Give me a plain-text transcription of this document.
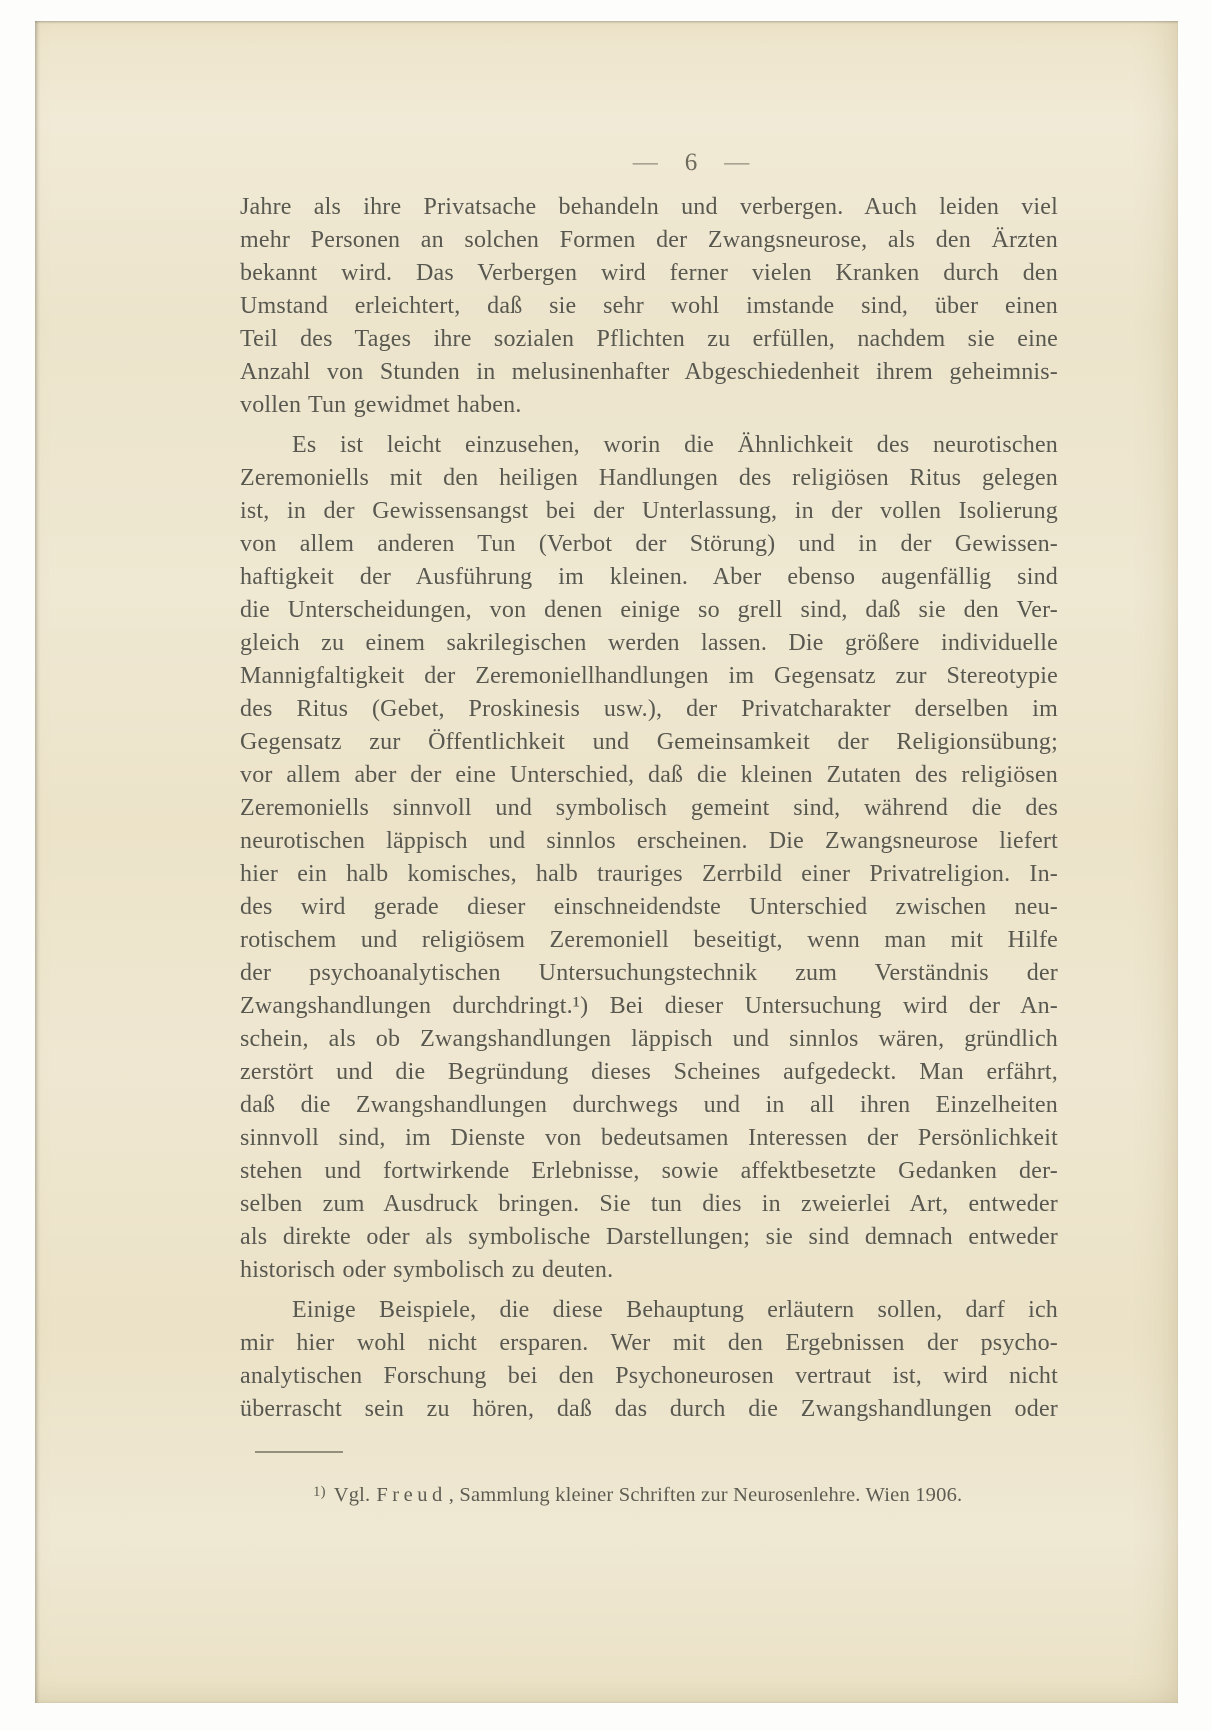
— 6 —
Jahre als ihre Privatsache behandeln und verbergen. Auch leiden viel
mehr Personen an solchen Formen der Zwangsneurose, als den Ärzten
bekannt wird. Das Verbergen wird ferner vielen Kranken durch den
Umstand erleichtert, daß sie sehr wohl imstande sind, über einen
Teil des Tages ihre sozialen Pflichten zu erfüllen, nachdem sie eine
Anzahl von Stunden in melusinenhafter Abgeschiedenheit ihrem geheimnis-
vollen Tun gewidmet haben.
Es ist leicht einzusehen, worin die Ähnlichkeit des neurotischen
Zeremoniells mit den heiligen Handlungen des religiösen Ritus gelegen
ist, in der Gewissensangst bei der Unterlassung, in der vollen Isolierung
von allem anderen Tun (Verbot der Störung) und in der Gewissen-
haftigkeit der Ausführung im kleinen. Aber ebenso augenfällig sind
die Unterscheidungen, von denen einige so grell sind, daß sie den Ver-
gleich zu einem sakrilegischen werden lassen. Die größere individuelle
Mannigfaltigkeit der Zeremoniellhandlungen im Gegensatz zur Stereotypie
des Ritus (Gebet, Proskinesis usw.), der Privatcharakter derselben im
Gegensatz zur Öffentlichkeit und Gemeinsamkeit der Religionsübung;
vor allem aber der eine Unterschied, daß die kleinen Zutaten des religiösen
Zeremoniells sinnvoll und symbolisch gemeint sind, während die des
neurotischen läppisch und sinnlos erscheinen. Die Zwangsneurose liefert
hier ein halb komisches, halb trauriges Zerrbild einer Privatreligion. In-
des wird gerade dieser einschneidendste Unterschied zwischen neu-
rotischem und religiösem Zeremoniell beseitigt, wenn man mit Hilfe
der psychoanalytischen Untersuchungstechnik zum Verständnis der
Zwangshandlungen durchdringt.¹) Bei dieser Untersuchung wird der An-
schein, als ob Zwangshandlungen läppisch und sinnlos wären, gründlich
zerstört und die Begründung dieses Scheines aufgedeckt. Man erfährt,
daß die Zwangshandlungen durchwegs und in all ihren Einzelheiten
sinnvoll sind, im Dienste von bedeutsamen Interessen der Persönlichkeit
stehen und fortwirkende Erlebnisse, sowie affektbesetzte Gedanken der-
selben zum Ausdruck bringen. Sie tun dies in zweierlei Art, entweder
als direkte oder als symbolische Darstellungen; sie sind demnach entweder
historisch oder symbolisch zu deuten.
Einige Beispiele, die diese Behauptung erläutern sollen, darf ich
mir hier wohl nicht ersparen. Wer mit den Ergebnissen der psycho-
analytischen Forschung bei den Psychoneurosen vertraut ist, wird nicht
überrascht sein zu hören, daß das durch die Zwangshandlungen oder
$^{1)}$ Vgl. Freud, Sammlung kleiner Schriften zur Neurosenlehre. Wien 1906.
